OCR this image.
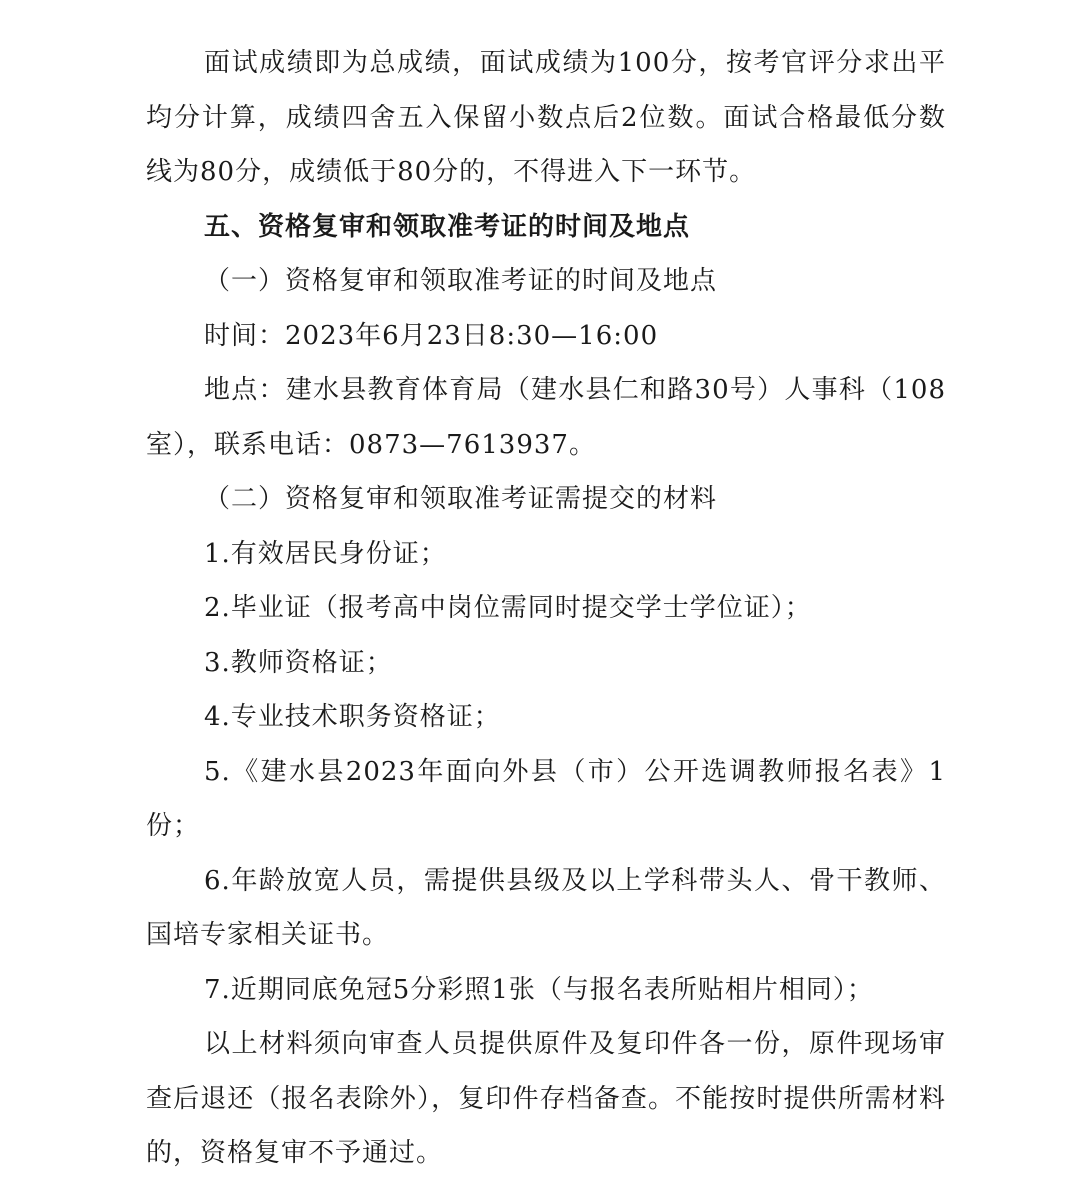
面试成绩即为总成绩，面试成绩为100分，按考官评分求出平均分计算，成绩四舍五入保留小数点后2位数。面试合格最低分数线为80分，成绩低于80分的，不得进入下一环节。

五、资格复审和领取准考证的时间及地点

（一）资格复审和领取准考证的时间及地点

时间：2023年6月23日8:30—16:00

地点：建水县教育体育局（建水县仁和路30号）人事科（108室），联系电话：0873—7613937。

（二）资格复审和领取准考证需提交的材料

1.有效居民身份证；

2.毕业证（报考高中岗位需同时提交学士学位证）；

3.教师资格证；

4.专业技术职务资格证；

5.《建水县2023年面向外县（市）公开选调教师报名表》1份；

6.年龄放宽人员，需提供县级及以上学科带头人、骨干教师、国培专家相关证书。

7.近期同底免冠5分彩照1张（与报名表所贴相片相同）；

以上材料须向审查人员提供原件及复印件各一份，原件现场审查后退还（报名表除外），复印件存档备查。不能按时提供所需材料的，资格复审不予通过。
